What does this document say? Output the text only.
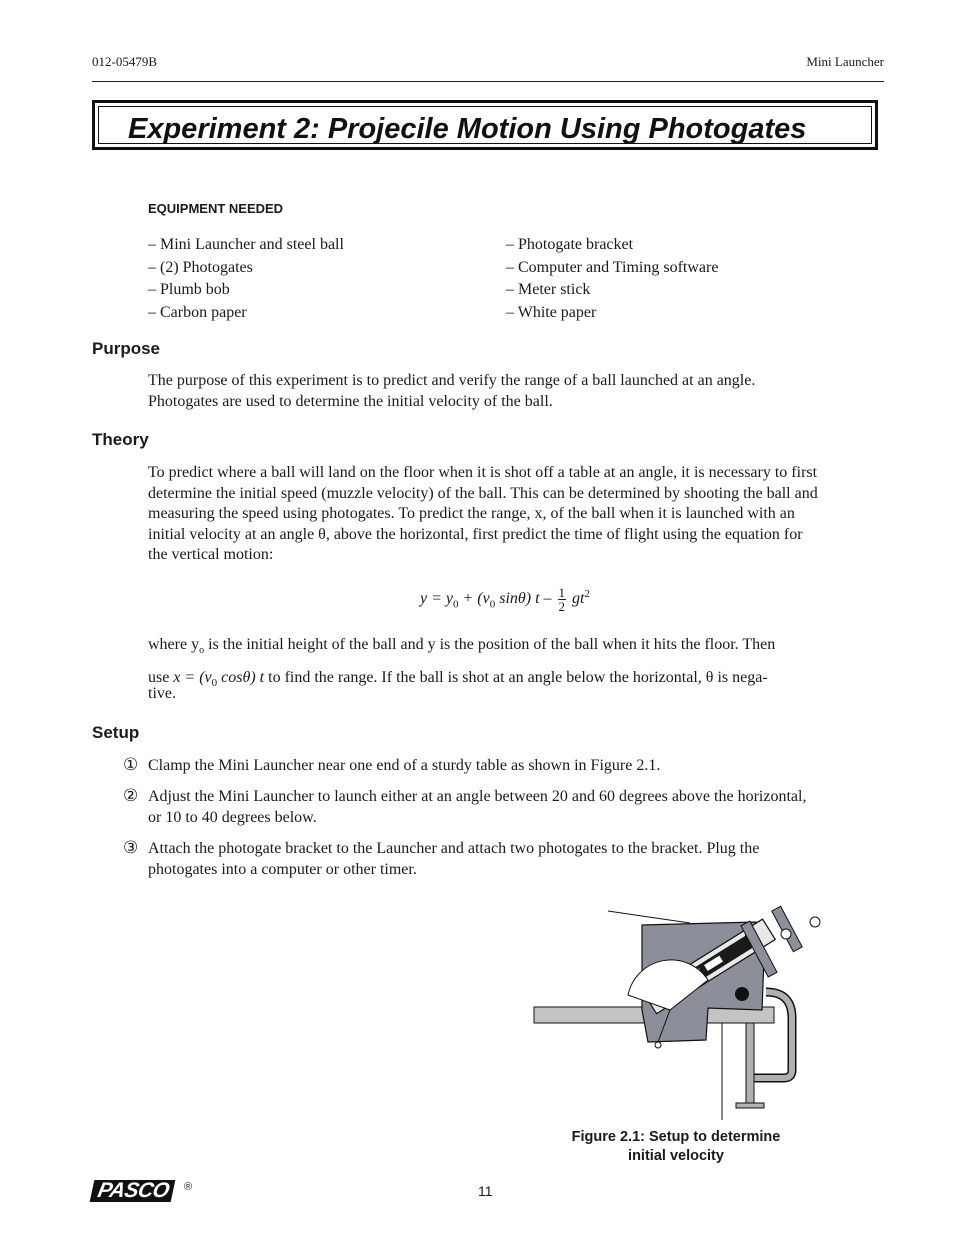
012-05479B	Mini Launcher
Experiment 2: Projecile Motion Using Photogates
EQUIPMENT NEEDED
– Mini Launcher and steel ball
– (2) Photogates
– Plumb bob
– Carbon paper
– Photogate bracket
– Computer and Timing software
– Meter stick
– White paper
Purpose
The purpose of this experiment is to predict and verify the range of a ball launched at an angle.
Photogates are used to determine the initial velocity of the ball.
Theory
To predict where a ball will land on the floor when it is shot off a table at an angle, it is necessary to first
determine the initial speed (muzzle velocity) of the ball. This can be determined by shooting the ball and
measuring the speed using photogates. To predict the range, x, of the ball when it is launched with an
initial velocity at an angle θ, above the horizontal, first predict the time of flight using the equation for
the vertical motion:
$y = y_0 + (v_0$ sinθ) t – $\frac{1}{2} gt^2$
where $y_o$ is the initial height of the ball and y is the position of the ball when it hits the floor. Then
use $x = (v_0$ cosθ) t to find the range. If the ball is shot at an angle below the horizontal, θ is nega-
tive.
Setup
① Clamp the Mini Launcher near one end of a sturdy table as shown in Figure 2.1.
② Adjust the Mini Launcher to launch either at an angle between 20 and 60 degrees above the horizontal,
or 10 to 40 degrees below.
③ Attach the photogate bracket to the Launcher and attach two photogates to the bracket. Plug the
photogates into a computer or other timer.
Figure 2.1: Setup to determine
initial velocity
PASCO	®	11
